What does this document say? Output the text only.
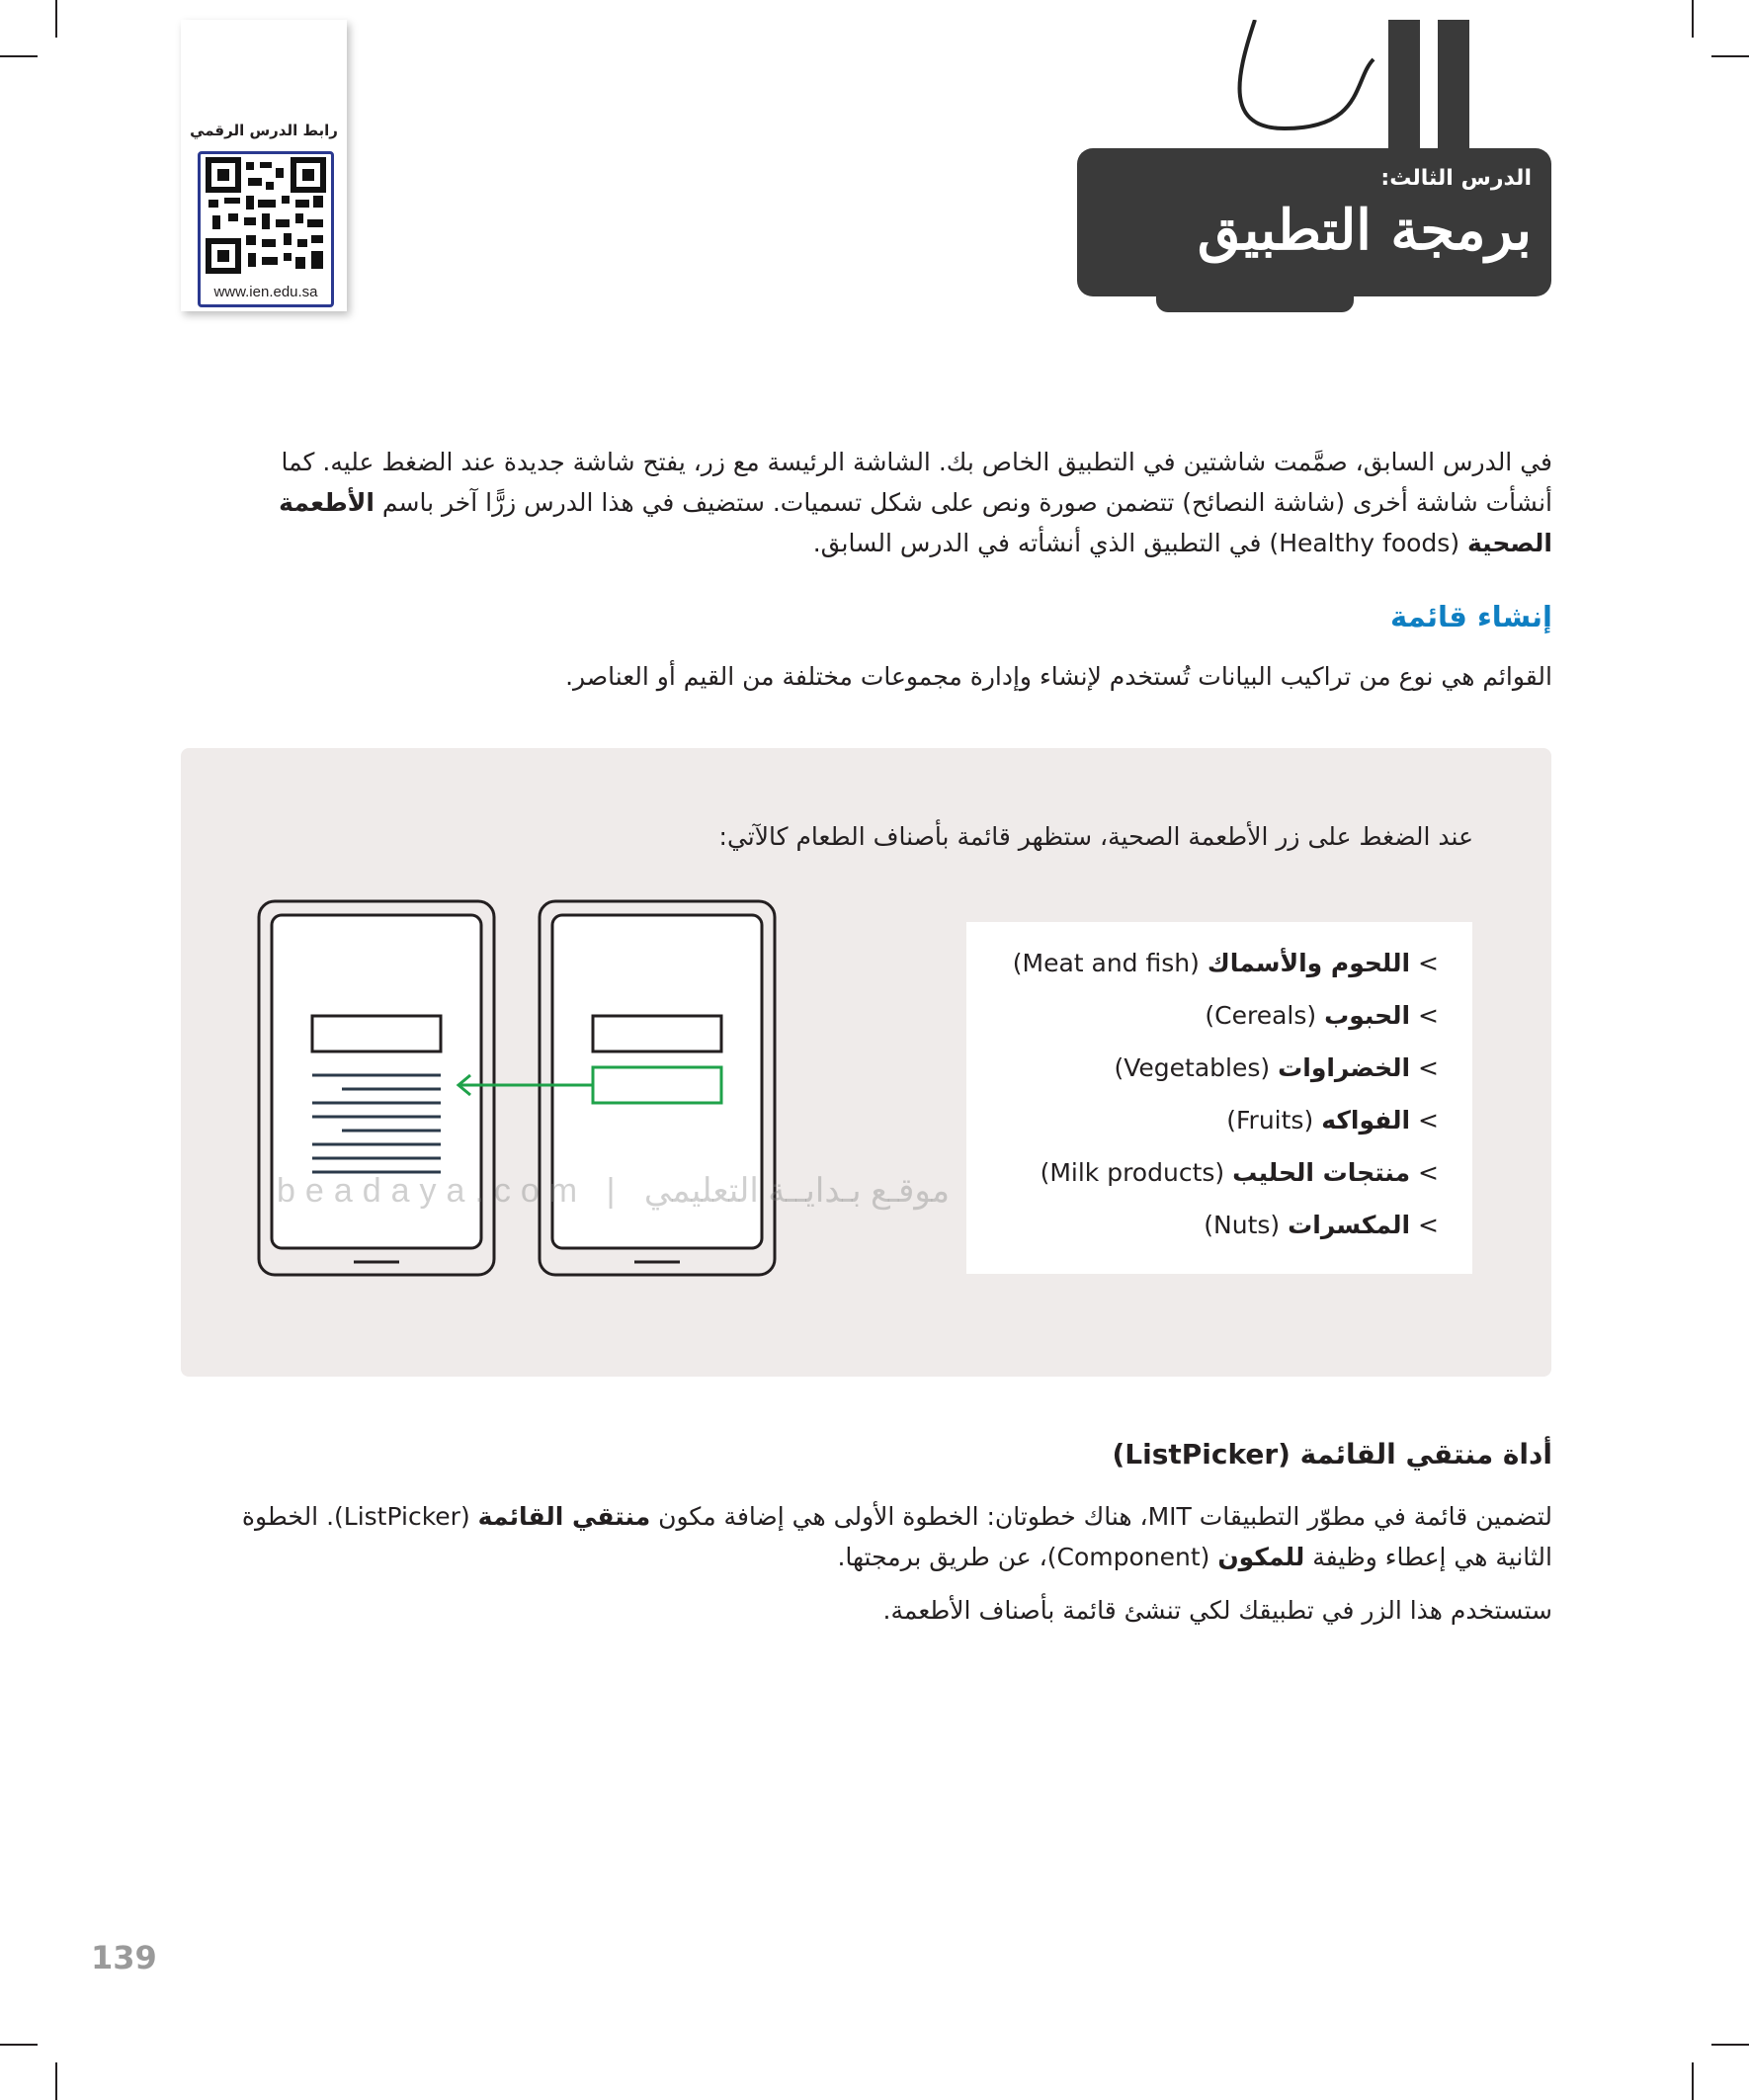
رابط الدرس الرقمي
www.ien.edu.sa
الدرس الثالث:
برمجة التطبيق
في الدرس السابق، صمَّمت شاشتين في التطبيق الخاص بك. الشاشة الرئيسة مع زر، يفتح شاشة جديدة عند الضغط عليه. كما
أنشأت شاشة أخرى (شاشة النصائح) تتضمن صورة ونص على شكل تسميات. ستضيف في هذا الدرس زرًّا آخر باسم الأطعمة
الصحية (Healthy foods) في التطبيق الذي أنشأته في الدرس السابق.
إنشاء قائمة
القوائم هي نوع من تراكيب البيانات تُستخدم لإنشاء وإدارة مجموعات مختلفة من القيم أو العناصر.
عند الضغط على زر الأطعمة الصحية، ستظهر قائمة بأصناف الطعام كالآتي:
> اللحوم والأسماك (Meat and fish)
> الحبوب (Cereals)
> الخضراوات (Vegetables)
> الفواكه (Fruits)
> منتجات الحليب (Milk products)
> المكسرات (Nuts)
beadaya.com | موقـع بـدايــة التعليمي
أداة منتقي القائمة (ListPicker)
لتضمين قائمة في مطوّر التطبيقات MIT، هناك خطوتان: الخطوة الأولى هي إضافة مكون منتقي القائمة (ListPicker). الخطوة
الثانية هي إعطاء وظيفة للمكون (Component)، عن طريق برمجتها.
ستستخدم هذا الزر في تطبيقك لكي تنشئ قائمة بأصناف الأطعمة.
139
